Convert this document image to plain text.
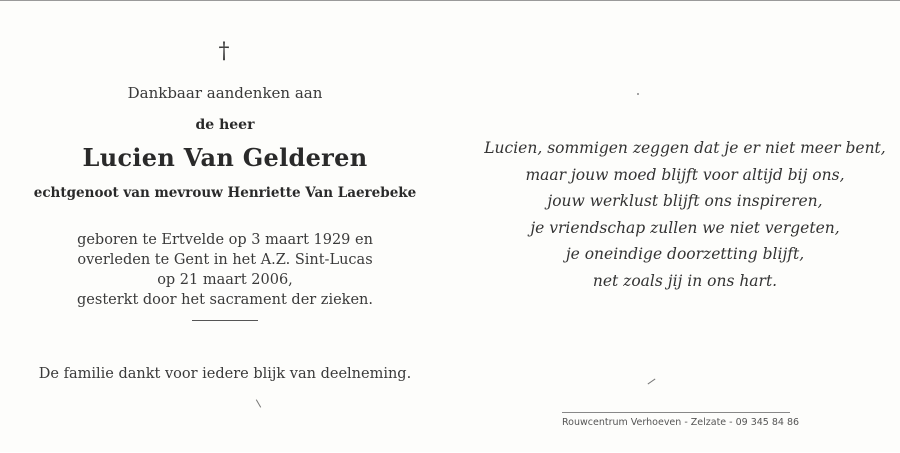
†
Dankbaar aandenken aan
de heer
Lucien Van Gelderen
echtgenoot van mevrouw Henriette Van Laerebeke
geboren te Ertvelde op 3 maart 1929 en
overleden te Gent in het A.Z. Sint-Lucas
op 21 maart 2006,
gesterkt door het sacrament der zieken.
De familie dankt voor iedere blijk van deelneming.
Lucien, sommigen zeggen dat je er niet meer bent,
maar jouw moed blijft voor altijd bij ons,
jouw werklust blijft ons inspireren,
je vriendschap zullen we niet vergeten,
je oneindige doorzetting blijft,
net zoals jij in ons hart.
Rouwcentrum Verhoeven - Zelzate - 09 345 84 86
